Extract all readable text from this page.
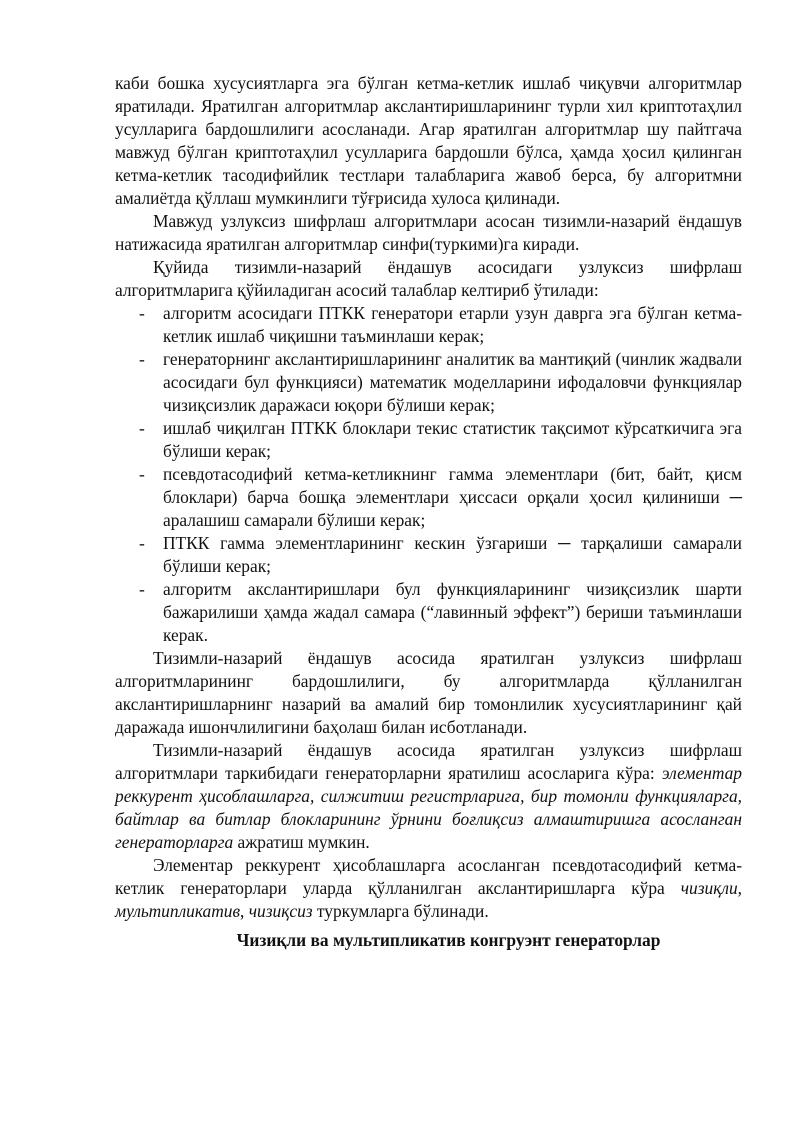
каби бошка хусусиятларга эга бўлган кетма-кетлик ишлаб чиқувчи алгоритмлар яратилади. Яратилган алгоритмлар акслантиришларининг турли хил криптотаҳлил усулларига бардошлилиги асосланади. Агар яратилган алгоритмлар шу пайтгача мавжуд бўлган криптотаҳлил усулларига бардошли бўлса, ҳамда ҳосил қилинган кетма-кетлик тасодифийлик тестлари талабларига жавоб берса, бу алгоритмни амалиётда қўллаш мумкинлиги тўғрисида хулоса қилинади.

Мавжуд узлуксиз шифрлаш алгоритмлари асосан тизимли-назарий ёндашув натижасида яратилган алгоритмлар синфи(туркими)га киради.

Қуйида тизимли-назарий ёндашув асосидаги узлуксиз шифрлаш алгоритмларига қўйиладиган асосий талаблар келтириб ўтилади:

- алгоритм асосидаги ПТКК генератори етарли узун даврга эга бўлган кетма-кетлик ишлаб чиқишни таъминлаши керак;
- генераторнинг акслантиришларининг аналитик ва мантиқий (чинлик жадвали асосидаги бул функцияси) математик моделларини ифодаловчи функциялар чизиқсизлик даражаси юқори бўлиши керак;
- ишлаб чиқилган ПТКК блоклари текис статистик тақсимот кўрсаткичига эга бўлиши керак;
- псевдотасодифий кетма-кетликнинг гамма элементлари (бит, байт, қисм блоклари) барча бошқа элементлари ҳиссаси орқали ҳосил қилиниши ─ аралашиш самарали бўлиши керак;
- ПТКК гамма элементларининг кескин ўзгариши ─ тарқалиши самарали бўлиши керак;
- алгоритм акслантиришлари бул функцияларининг чизиқсизлик шарти бажарилиши ҳамда жадал самара (“лавинный эффект”) бериши таъминлаши керак.

Тизимли-назарий ёндашув асосида яратилган узлуксиз шифрлаш алгоритмларининг бардошлилиги, бу алгоритмларда қўлланилган акслантиришларнинг назарий ва амалий бир томонлилик хусусиятларининг қай даражада ишончлилигини баҳолаш билан исботланади.

Тизимли-назарий ёндашув асосида яратилган узлуксиз шифрлаш алгоритмлари таркибидаги генераторларни яратилиш асосларига кўра: элементар реккурент ҳисоблашларга, силжитиш регистрларига, бир томонли функцияларга, байтлар ва битлар блокларининг ўрнини боғлиқсиз алмаштиришга асосланган генераторларга ажратиш мумкин.

Элементар реккурент ҳисоблашларга асосланган псевдотасодифий кетма-кетлик генераторлари уларда қўлланилган акслантиришларга кўра чизиқли, мультипликатив, чизиқсиз туркумларга бўлинади.

Чизиқли ва мультипликатив конгруэнт генераторлар
